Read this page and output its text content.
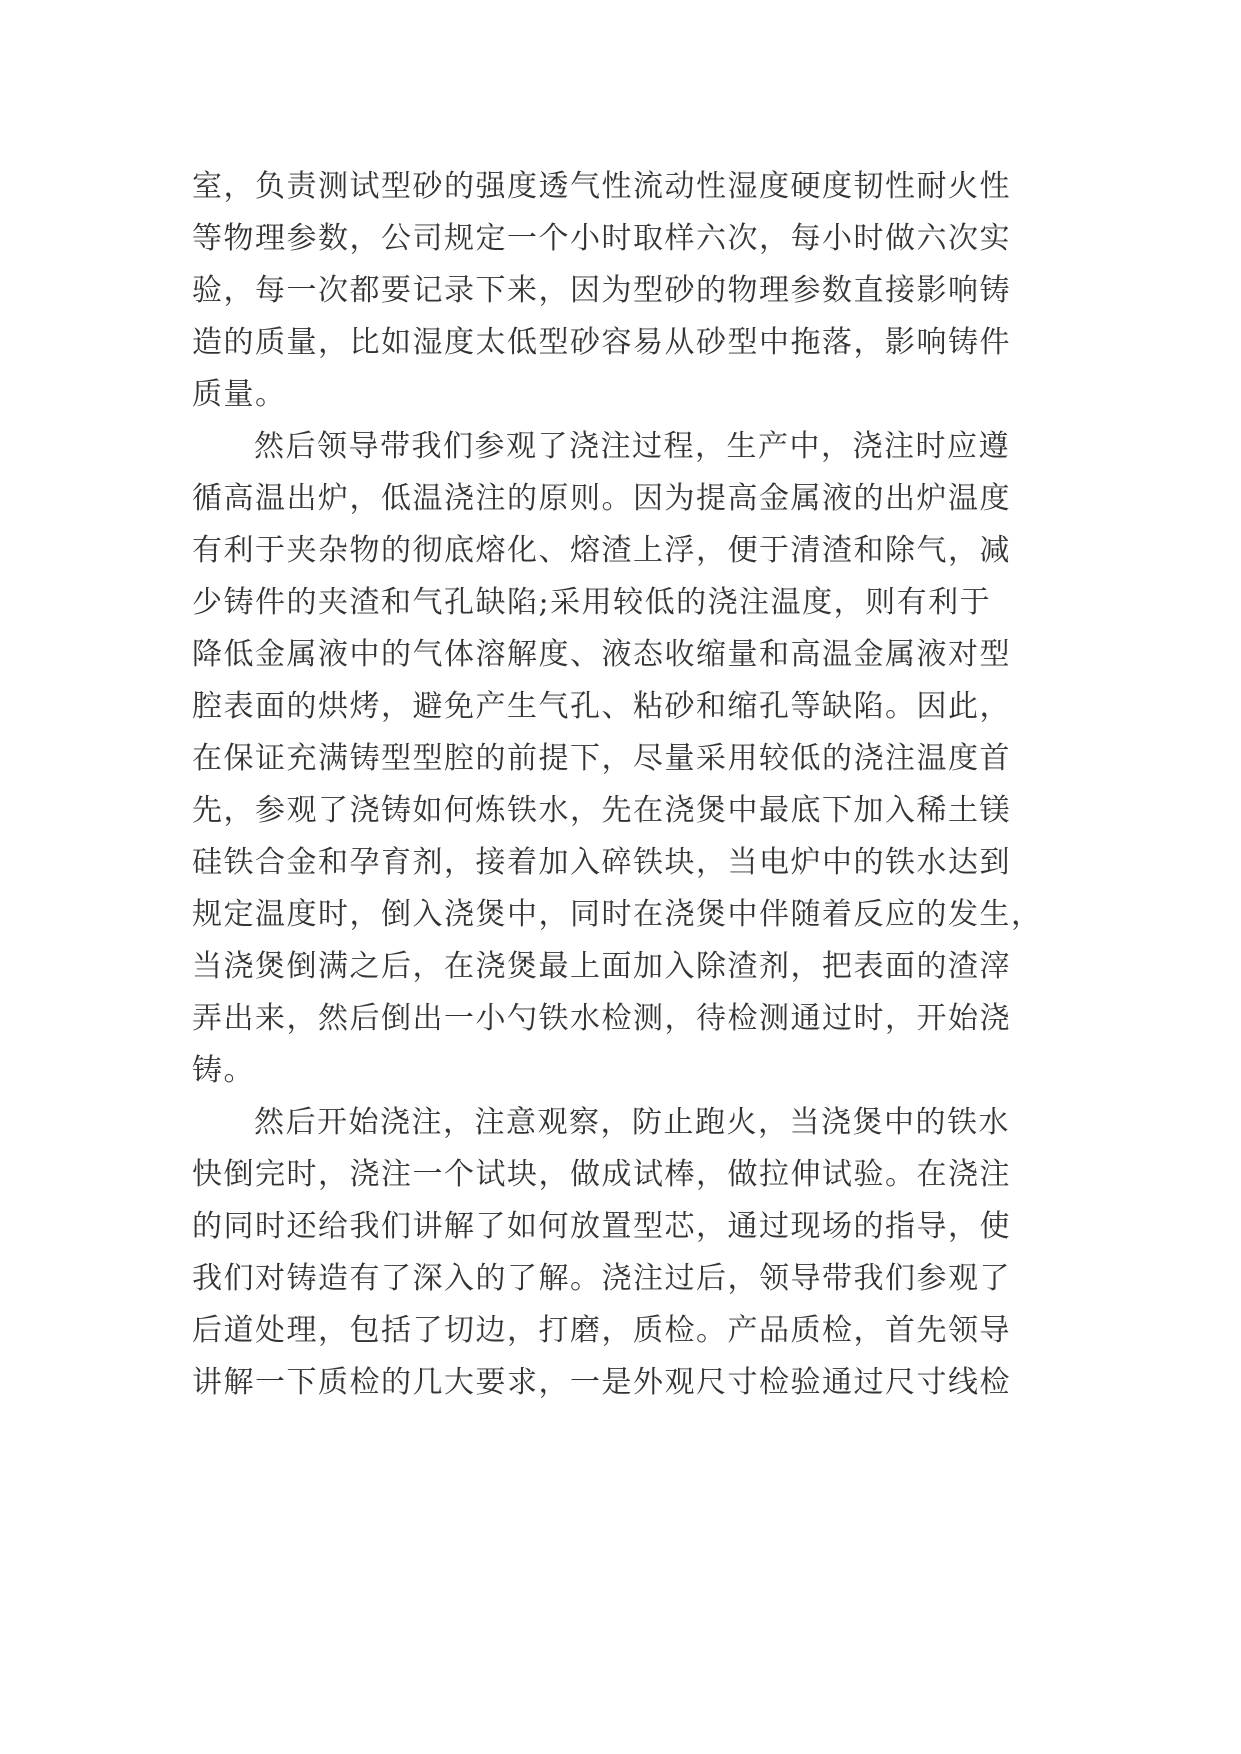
室，负责测试型砂的强度透气性流动性湿度硬度韧性耐火性
等物理参数，公司规定一个小时取样六次，每小时做六次实
验，每一次都要记录下来，因为型砂的物理参数直接影响铸
造的质量，比如湿度太低型砂容易从砂型中拖落，影响铸件
质量。

然后领导带我们参观了浇注过程，生产中，浇注时应遵
循高温出炉，低温浇注的原则。因为提高金属液的出炉温度
有利于夹杂物的彻底熔化、熔渣上浮，便于清渣和除气，减
少铸件的夹渣和气孔缺陷;采用较低的浇注温度，则有利于
降低金属液中的气体溶解度、液态收缩量和高温金属液对型
腔表面的烘烤，避免产生气孔、粘砂和缩孔等缺陷。因此，
在保证充满铸型型腔的前提下，尽量采用较低的浇注温度首
先，参观了浇铸如何炼铁水，先在浇煲中最底下加入稀土镁
硅铁合金和孕育剂，接着加入碎铁块，当电炉中的铁水达到
规定温度时，倒入浇煲中，同时在浇煲中伴随着反应的发生，
当浇煲倒满之后，在浇煲最上面加入除渣剂，把表面的渣滓
弄出来，然后倒出一小勺铁水检测，待检测通过时，开始浇
铸。

然后开始浇注，注意观察，防止跑火，当浇煲中的铁水
快倒完时，浇注一个试块，做成试棒，做拉伸试验。在浇注
的同时还给我们讲解了如何放置型芯，通过现场的指导，使
我们对铸造有了深入的了解。浇注过后，领导带我们参观了
后道处理，包括了切边，打磨，质检。产品质检，首先领导
讲解一下质检的几大要求，一是外观尺寸检验通过尺寸线检
